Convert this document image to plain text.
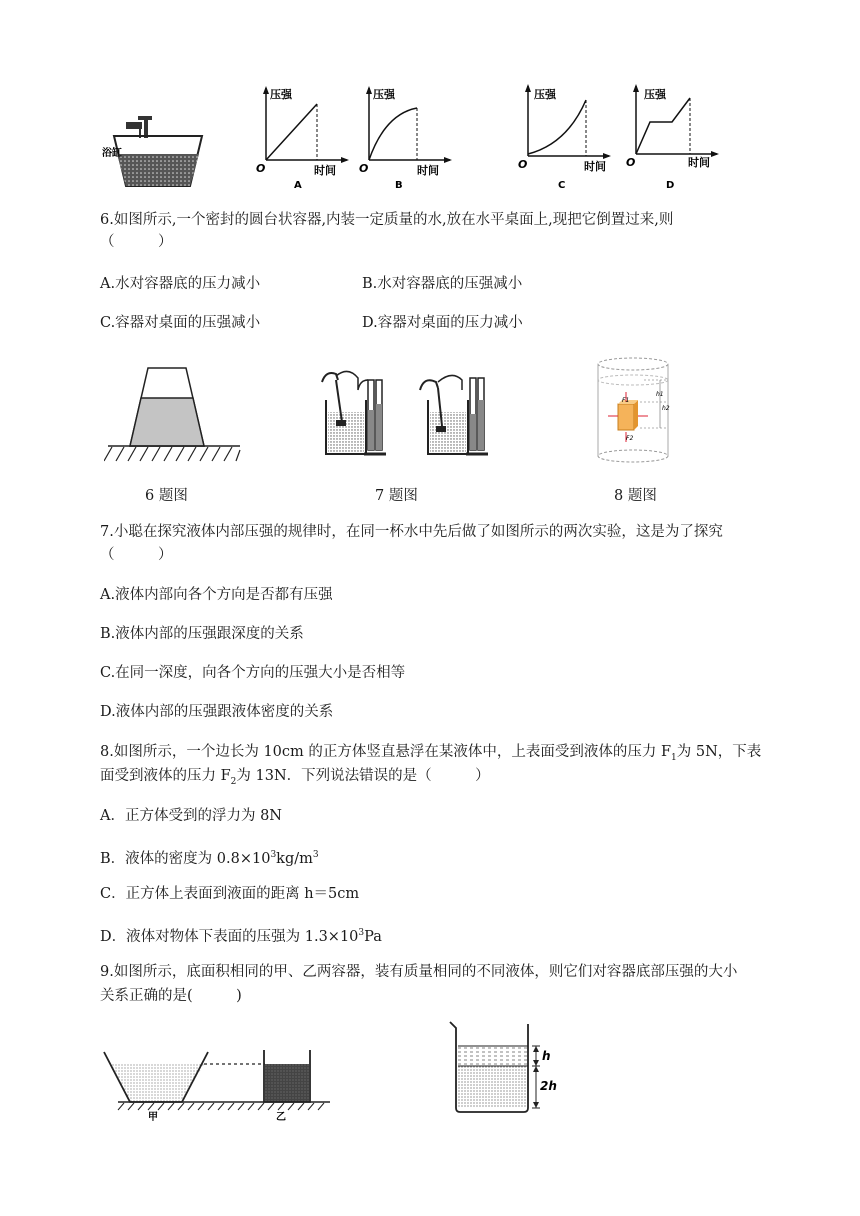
浴缸
压强
O	时间
A
压强
O	时间
B
压强
O	时间
C
压强
O	时间
D
6.如图所示,一个密封的圆台状容器,内装一定质量的水,放在水平桌面上,现把它倒置过来,则
（　　　）
A.水对容器底的压力减小	B.水对容器底的压强减小
C.容器对桌面的压强减小	D.容器对桌面的压力减小
h1
h2
F1
F2
6 题图	7 题图	8 题图
7.小聪在探究液体内部压强的规律时，在同一杯水中先后做了如图所示的两次实验，这是为了探究
（　　　）
A.液体内部向各个方向是否都有压强
B.液体内部的压强跟深度的关系
C.在同一深度，向各个方向的压强大小是否相等
D.液体内部的压强跟液体密度的关系
8.如图所示，一个边长为 10cm 的正方体竖直悬浮在某液体中，上表面受到液体的压力 $F_1$为 5N，下表
面受到液体的压力 $F_2$为 13N．下列说法错误的是（　　　）
A．正方体受到的浮力为 8N
B．液体的密度为 $0.8\times 10^3kg/m^3$
C．正方体上表面到液面的距离 h＝5cm
D．液体对物体下表面的压强为 $1.3\times 10^3Pa$
9.如图所示，底面积相同的甲、乙两容器，装有质量相同的不同液体，则它们对容器底部压强的大小
关系正确的是(　　　)
甲	乙
h
2h
